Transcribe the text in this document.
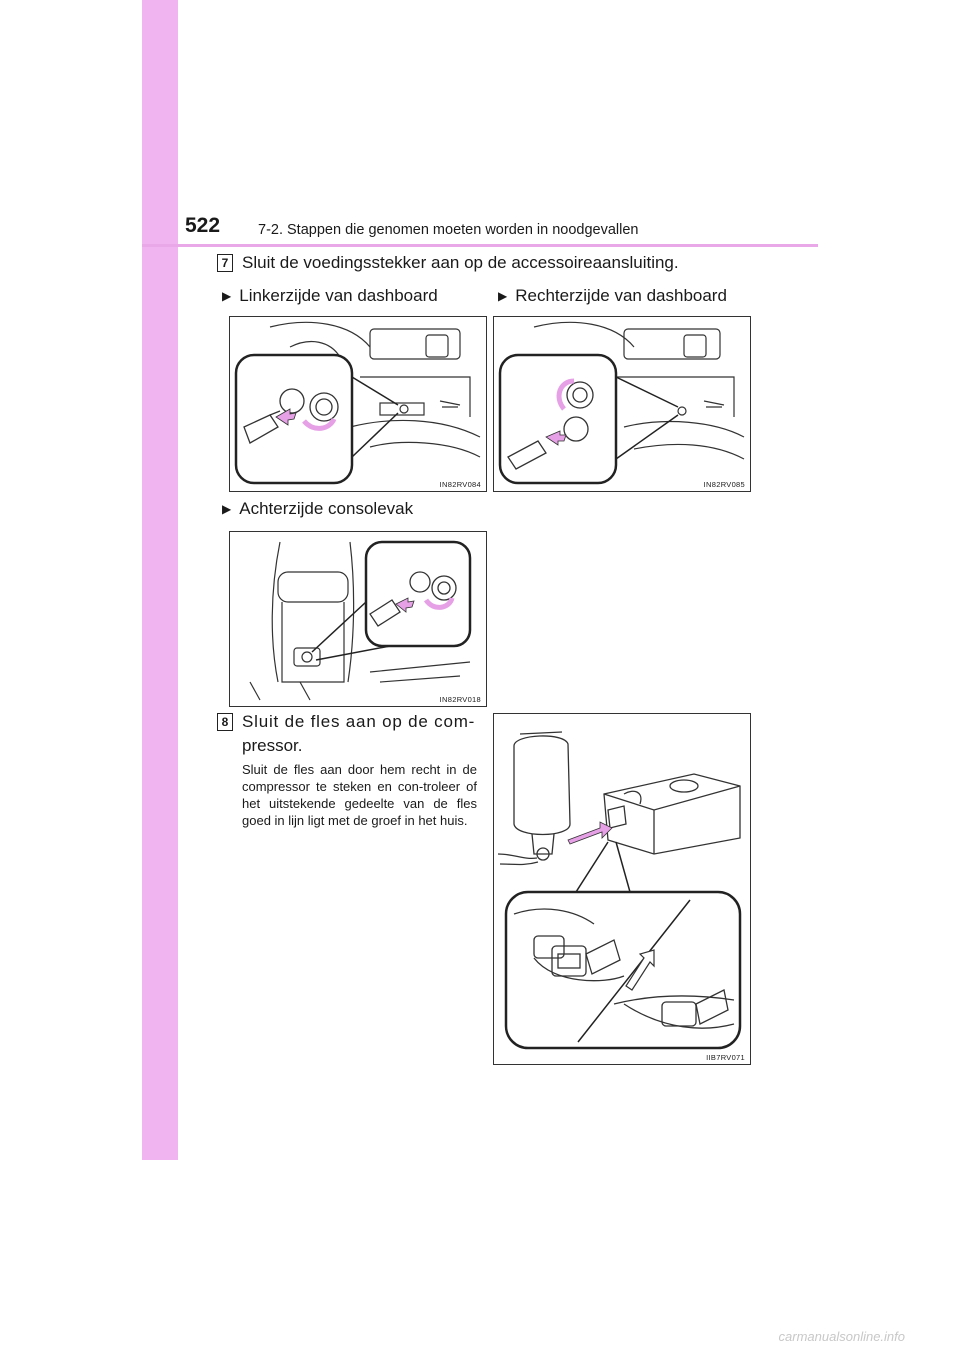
522	7-2. Stappen die genomen moeten worden in noodgevallen
7 Sluit de voedingsstekker aan op de accessoireaansluiting.
▶ Linkerzijde van dashboard	▶ Rechterzijde van dashboard
IN82RV084	IN82RV085
▶ Achterzijde consolevak
IN82RV018
8 Sluit de fles aan op de com-
pressor.
Sluit de fles aan door hem recht in de compressor te steken en con-troleer of het uitstekende gedeelte van de fles goed in lijn ligt met de groef in het huis.
IIB7RV071
carmanualsonline.info
